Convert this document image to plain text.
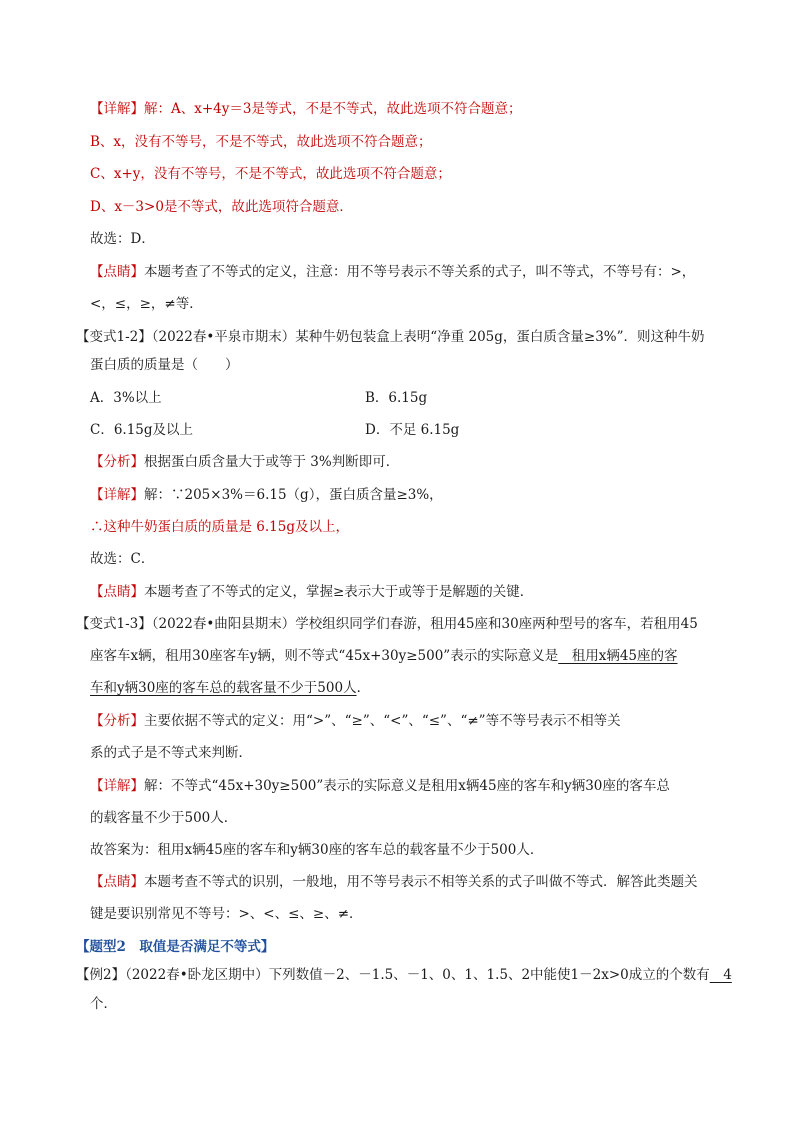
【详解】解：A、x+4y＝3是等式，不是不等式，故此选项不符合题意；
B、x，没有不等号，不是不等式，故此选项不符合题意；
C、x+y，没有不等号，不是不等式，故此选项不符合题意；
D、x－3>0是不等式，故此选项符合题意．
故选：D．
【点睛】本题考查了不等式的定义，注意：用不等号表示不等关系的式子，叫不等式，不等号有：>，
<，≤，≥，≠等．
【变式1-2】（2022春•平泉市期末）某种牛奶包装盒上表明“净重 205g，蛋白质含量≥3%”．则这种牛奶
蛋白质的质量是（　　）
A．3%以上	B．6.15g
C．6.15g及以上	D．不足 6.15g
【分析】根据蛋白质含量大于或等于 3%判断即可．
【详解】解：∵205×3%＝6.15（g），蛋白质含量≥3%，
∴这种牛奶蛋白质的质量是 6.15g及以上，
故选：C．
【点睛】本题考查了不等式的定义，掌握≥表示大于或等于是解题的关键．
【变式1-3】（2022春•曲阳县期末）学校组织同学们春游，租用45座和30座两种型号的客车，若租用45
座客车x辆，租用30座客车y辆，则不等式“45x+30y≥500”表示的实际意义是　租用x辆45座的客
车和y辆30座的客车总的载客量不少于500人．
【分析】主要依据不等式的定义：用“>”、“≥”、“<”、“≤”、“≠”等不等号表示不相等关
系的式子是不等式来判断．
【详解】解：不等式“45x+30y≥500”表示的实际意义是租用x辆45座的客车和y辆30座的客车总
的载客量不少于500人．
故答案为：租用x辆45座的客车和y辆30座的客车总的载客量不少于500人．
【点睛】本题考查不等式的识别，一般地，用不等号表示不相等关系的式子叫做不等式．解答此类题关
键是要识别常见不等号：>、<、≤、≥、≠．
【题型2　取值是否满足不等式】
【例2】（2022春•卧龙区期中）下列数值－2、－1.5、－1、0、1、1.5、2中能使1－2x>0成立的个数有　4
个．
